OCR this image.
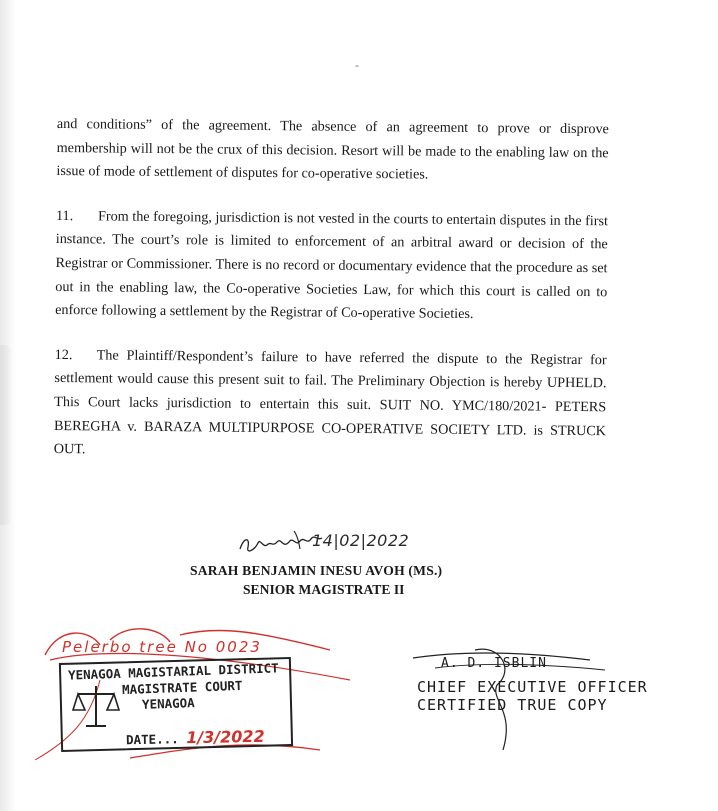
-

and conditions” of the agreement. The absence of an agreement to prove or disprove membership will not be the crux of this decision. Resort will be made to the enabling law on the issue of mode of settlement of disputes for co-operative societies.

11. From the foregoing, jurisdiction is not vested in the courts to entertain disputes in the first instance. The court’s role is limited to enforcement of an arbitral award or decision of the Registrar or Commissioner. There is no record or documentary evidence that the procedure as set out in the enabling law, the Co-operative Societies Law, for which this court is called on to enforce following a settlement by the Registrar of Co-operative Societies.

12. The Plaintiff/Respondent’s failure to have referred the dispute to the Registrar for settlement would cause this present suit to fail. The Preliminary Objection is hereby UPHELD. This Court lacks jurisdiction to entertain this suit. SUIT NO. YMC/180/2021- PETERS BEREGHA v. BARAZA MULTIPURPOSE CO-OPERATIVE SOCIETY LTD. is STRUCK OUT.

14|02|2022
SARAH BENJAMIN INESU AVOH (MS.)
SENIOR MAGISTRATE II
Pelerbo tree No 0023
YENAGOA MAGISTARIAL DISTRICT
MAGISTRATE COURT
YENAGOA
DATE... 1/3/2022
A. D. ISBLIN
CHIEF EXECUTIVE OFFICER
CERTIFIED TRUE COPY
